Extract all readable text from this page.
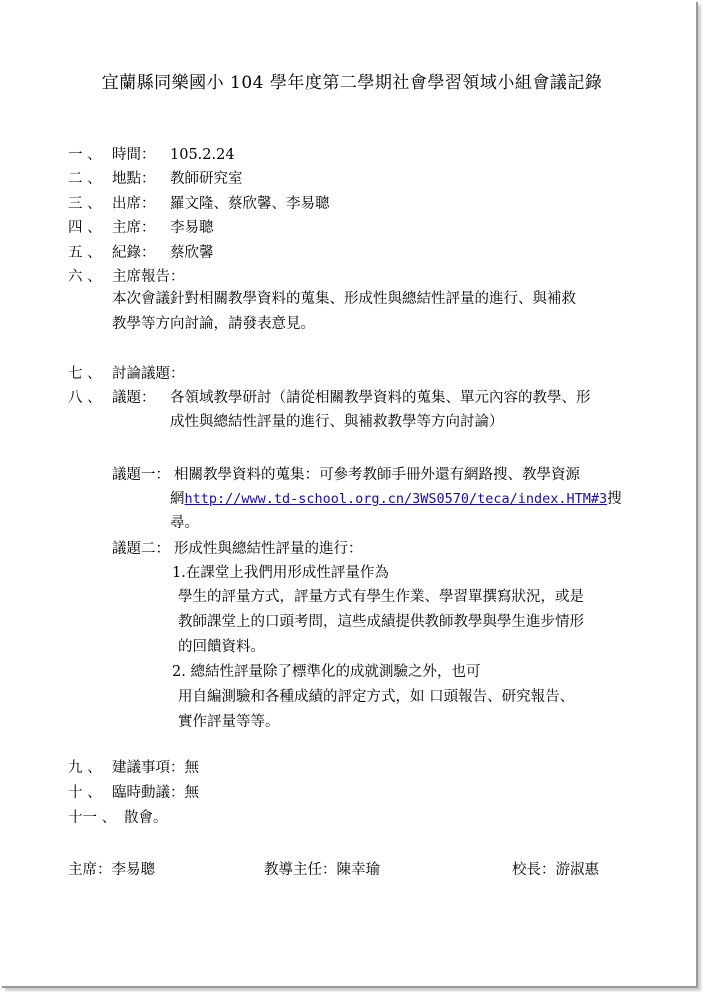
宜蘭縣同樂國小 104 學年度第二學期社會學習領域小組會議記錄
一 、 時間： 105.2.24
二 、 地點： 教師研究室
三 、 出席： 羅文隆、蔡欣馨、李易聰
四 、 主席： 李易聰
五 、 紀錄： 蔡欣馨
六 、 主席報告：
本次會議針對相關教學資料的蒐集、形成性與總結性評量的進行、與補救
教學等方向討論，請發表意見。
七 、 討論議題：
八 、 議題： 各領域教學研討（請從相關教學資料的蒐集、單元內容的教學、形
成性與總結性評量的進行、與補救教學等方向討論）
議題一： 相關教學資料的蒐集：可參考教師手冊外還有網路搜、教學資源
網http://www.td-school.org.cn/3WS0570/teca/index.HTM#3搜
尋。
議題二： 形成性與總結性評量的進行：
1.在課堂上我們用形成性評量作為
學生的評量方式，評量方式有學生作業、學習單撰寫狀況，或是
教師課堂上的口頭考問，這些成績提供教師教學與學生進步情形
的回饋資料。
2. 總結性評量除了標準化的成就測驗之外，也可
用自編測驗和各種成績的評定方式，如 口頭報告、研究報告、
實作評量等等。
九 、 建議事項：無
十 、 臨時動議：無
十一 、 散會。
主席：李易聰	教導主任：陳幸瑜	校長：游淑惠
